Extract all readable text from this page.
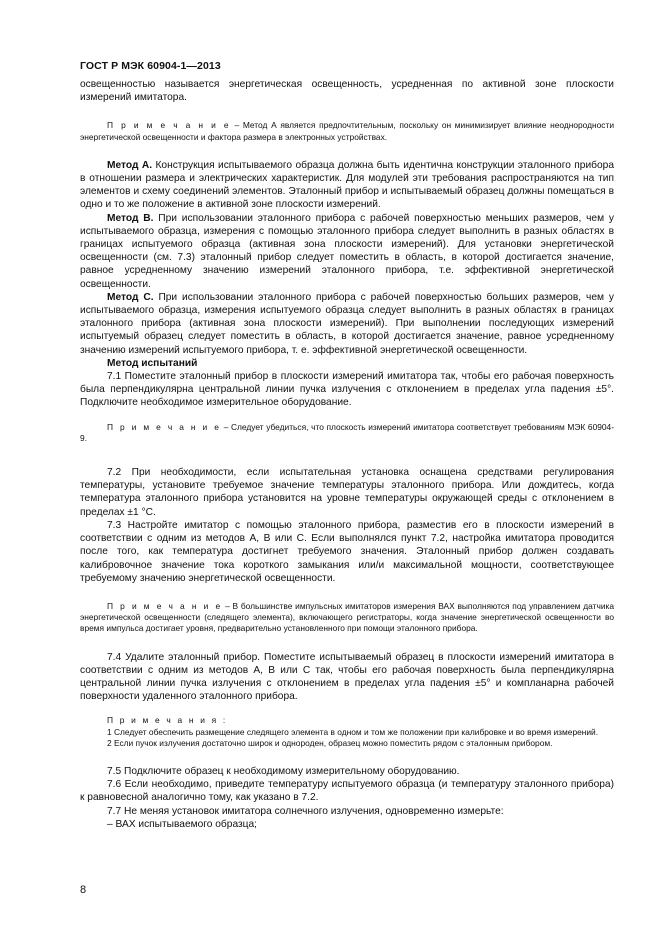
ГОСТ Р МЭК 60904-1—2013

освещенностью называется энергетическая освещенность, усредненная по активной зоне плоскости измерений имитатора.

П р и м е ч а н и е – Метод А является предпочтительным, поскольку он минимизирует влияние неоднородности энергетической освещенности и фактора размера в электронных устройствах.

Метод А. Конструкция испытываемого образца должна быть идентична конструкции эталонного прибора в отношении размера и электрических характеристик. Для модулей эти требования распространяются на тип элементов и схему соединений элементов. Эталонный прибор и испытываемый образец должны помещаться в одно и то же положение в активной зоне плоскости измерений.

Метод В. При использовании эталонного прибора с рабочей поверхностью меньших размеров, чем у испытываемого образца, измерения с помощью эталонного прибора следует выполнить в разных областях в границах испытуемого образца (активная зона плоскости измерений). Для установки энергетической освещенности (см. 7.3) эталонный прибор следует поместить в область, в которой достигается значение, равное усредненному значению измерений эталонного прибора, т.е. эффективной энергетической освещенности.

Метод С. При использовании эталонного прибора с рабочей поверхностью больших размеров, чем у испытываемого образца, измерения испытуемого образца следует выполнить в разных областях в границах эталонного прибора (активная зона плоскости измерений). При выполнении последующих измерений испытуемый образец следует поместить в область, в которой достигается значение, равное усредненному значению измерений испытуемого прибора, т. е. эффективной энергетической освещенности.

Метод испытаний

7.1 Поместите эталонный прибор в плоскости измерений имитатора так, чтобы его рабочая поверхность была перпендикулярна центральной линии пучка излучения с отклонением в пределах угла падения ±5°. Подключите необходимое измерительное оборудование.

П р и м е ч а н и е – Следует убедиться, что плоскость измерений имитатора соответствует требованиям МЭК 60904-9.

7.2 При необходимости, если испытательная установка оснащена средствами регулирования температуры, установите требуемое значение температуры эталонного прибора. Или дождитесь, когда температура эталонного прибора установится на уровне температуры окружающей среды с отклонением в пределах ±1 °С.

7.3 Настройте имитатор с помощью эталонного прибора, разместив его в плоскости измерений в соответствии с одним из методов А, В или С. Если выполнялся пункт 7.2, настройка имитатора проводится после того, как температура достигнет требуемого значения. Эталонный прибор должен создавать калибровочное значение тока короткого замыкания или/и максимальной мощности, соответствующее требуемому значению энергетической освещенности.

П р и м е ч а н и е – В большинстве импульсных имитаторов измерения ВАХ выполняются под управлением датчика энергетической освещенности (следящего элемента), включающего регистраторы, когда значение энергетической освещенности во время импульса достигает уровня, предварительно установленного при помощи эталонного прибора.

7.4 Удалите эталонный прибор. Поместите испытываемый образец в плоскости измерений имитатора в соответствии с одним из методов А, В или С так, чтобы его рабочая поверхность была перпендикулярна центральной линии пучка излучения с отклонением в пределах угла падения ±5° и компланарна рабочей поверхности удаленного эталонного прибора.

П р и м е ч а н и я :

1 Следует обеспечить размещение следящего элемента в одном и том же положении при калибровке и во время измерений.

2 Если пучок излучения достаточно широк и однороден, образец можно поместить рядом с эталонным прибором.

7.5 Подключите образец к необходимому измерительному оборудованию.

7.6 Если необходимо, приведите температуру испытуемого образца (и температуру эталонного прибора) к равновесной аналогично тому, как указано в 7.2.

7.7 Не меняя установок имитатора солнечного излучения, одновременно измерьте:

– ВАХ испытываемого образца;

8
